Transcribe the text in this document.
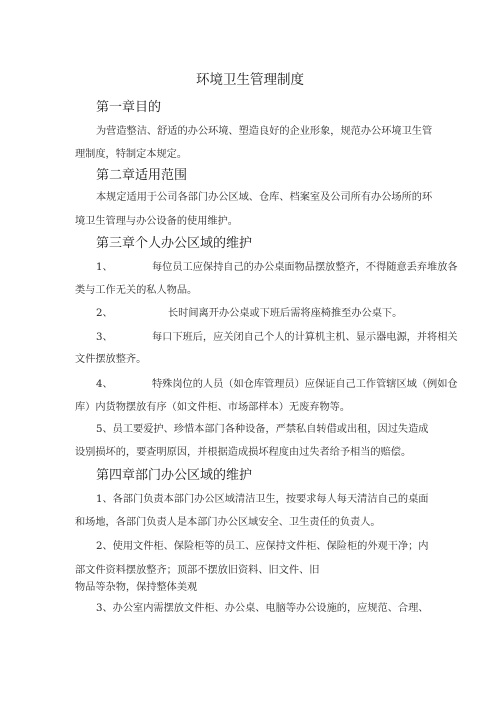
环境卫生管理制度
第一章目的
为营造整洁、舒适的办公环境、塑造良好的企业形象，规范办公环境卫生管
理制度，特制定本规定。
第二章适用范围
本规定适用于公司各部门办公区域、仓库、档案室及公司所有办公场所的环
境卫生管理与办公设备的使用维护。
第三章个人办公区域的维护
1、	每位员工应保持自己的办公桌面物品摆放整齐，不得随意丢弃堆放各
类与工作无关的私人物品。
2、	长时间离开办公桌或下班后需将座椅推至办公桌下。
3、	每口下班后，应关闭自己个人的计算机主机、显示器电源，并将相关
文件摆放整齐。
4、	特殊岗位的人员（如仓库管理员）应保证自己工作管辖区域（例如仓
库）内货物摆放有序（如文件柜、市场部样本）无废弃物等。
5、员工要爱护、珍惜本部门各种设备，严禁私自转借或出租，因过失造成
设别损坏的，要查明原因，并根据造成损坏程度由过失者给予相当的赔偿。
第四章部门办公区域的维护
1、各部门负责本部门办公区域清洁卫生，按要求每人每天清洁自己的桌面
和场地，各部门负责人是本部门办公区域安全、卫生责任的负责人。
2、使用文件柜、保险柜等的员工、应保持文件柜、保险柜的外观干净；内
部文件资料摆放整齐；顶部不摆放旧资料、旧文件、旧
物品等杂物，保持整体美观
3、办公室内需摆放文件柜、办公桌、电脑等办公设施的，应规范、合理、
